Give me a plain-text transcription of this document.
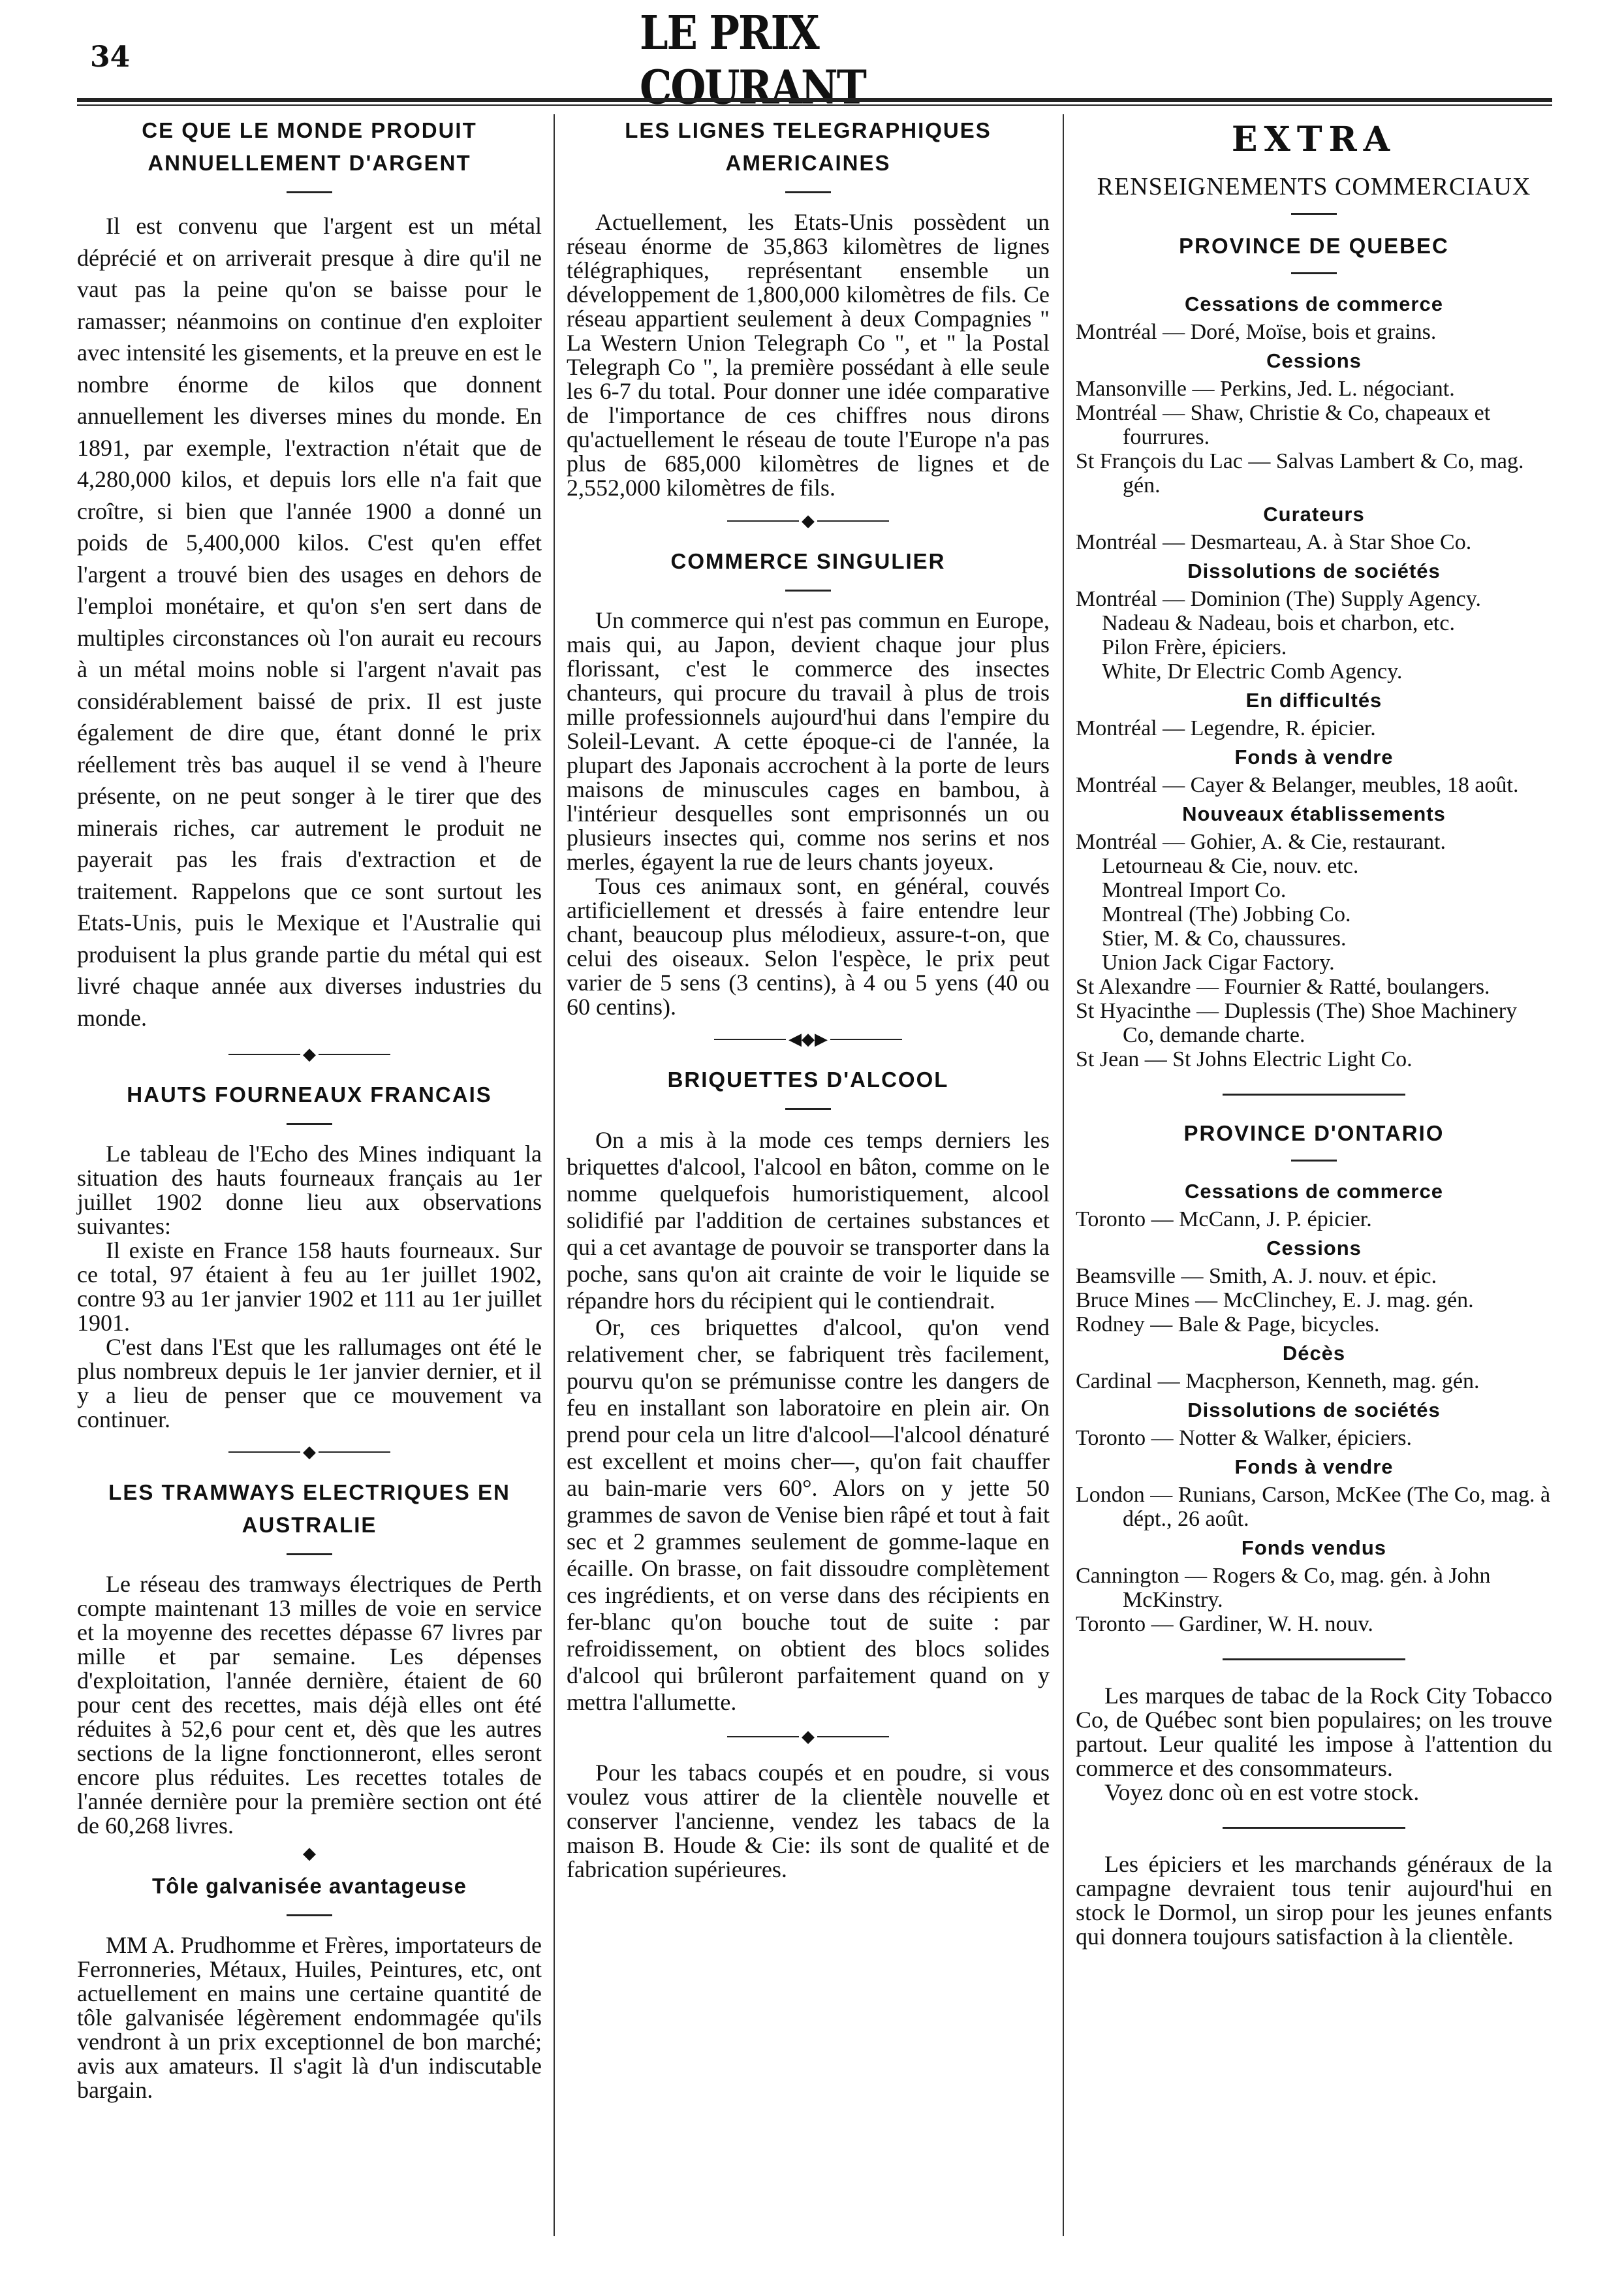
34	LE PRIX COURANT
CE QUE LE MONDE PRODUIT ANNUELLEMENT D'ARGENT

Il est convenu que l'argent est un métal déprécié et on arriverait presque à dire qu'il ne vaut pas la peine qu'on se baisse pour le ramasser; néanmoins on continue d'en exploiter avec intensité les gisements, et la preuve en est le nombre énorme de kilos que donnent annuellement les diverses mines du monde. En 1891, par exemple, l'extraction n'était que de 4,280,000 kilos, et depuis lors elle n'a fait que croître, si bien que l'année 1900 a donné un poids de 5,400,000 kilos. C'est qu'en effet l'argent a trouvé bien des usages en dehors de l'emploi monétaire, et qu'on s'en sert dans de multiples circonstances où l'on aurait eu recours à un métal moins noble si l'argent n'avait pas considérablement baissé de prix. Il est juste également de dire que, étant donné le prix réellement très bas auquel il se vend à l'heure présente, on ne peut songer à le tirer que des minerais riches, car autrement le produit ne payerait pas les frais d'extraction et de traitement. Rappelons que ce sont surtout les Etats-Unis, puis le Mexique et l'Australie qui produisent la plus grande partie du métal qui est livré chaque année aux diverses industries du monde.

◆
HAUTS FOURNEAUX FRANCAIS

Le tableau de l'Echo des Mines indiquant la situation des hauts fourneaux français au 1er juillet 1902 donne lieu aux observations suivantes:

Il existe en France 158 hauts fourneaux. Sur ce total, 97 étaient à feu au 1er juillet 1902, contre 93 au 1er janvier 1902 et 111 au 1er juillet 1901.

C'est dans l'Est que les rallumages ont été le plus nombreux depuis le 1er janvier dernier, et il y a lieu de penser que ce mouvement va continuer.

◆
LES TRAMWAYS ELECTRIQUES EN AUSTRALIE

Le réseau des tramways électriques de Perth compte maintenant 13 milles de voie en service et la moyenne des recettes dépasse 67 livres par mille et par semaine. Les dépenses d'exploitation, l'année dernière, étaient de 60 pour cent des recettes, mais déjà elles ont été réduites à 52,6 pour cent et, dès que les autres sections de la ligne fonctionneront, elles seront encore plus réduites. Les recettes totales de l'année dernière pour la première section ont été de 60,268 livres.

◆
Tôle galvanisée avantageuse

MM A. Prudhomme et Frères, importateurs de Ferronneries, Métaux, Huiles, Peintures, etc, ont actuellement en mains une certaine quantité de tôle galvanisée légèrement endommagée qu'ils vendront à un prix exceptionnel de bon marché; avis aux amateurs. Il s'agit là d'un indiscutable bargain.

LES LIGNES TELEGRAPHIQUES AMERICAINES

Actuellement, les Etats-Unis possèdent un réseau énorme de 35,863 kilomètres de lignes télégraphiques, représentant ensemble un développement de 1,800,000 kilomètres de fils. Ce réseau appartient seulement à deux Compagnies " La Western Union Telegraph Co ", et " la Postal Telegraph Co ", la première possédant à elle seule les 6-7 du total. Pour donner une idée comparative de l'importance de ces chiffres nous dirons qu'actuellement le réseau de toute l'Europe n'a pas plus de 685,000 kilomètres de lignes et de 2,552,000 kilomètres de fils.

◆
COMMERCE SINGULIER

Un commerce qui n'est pas commun en Europe, mais qui, au Japon, devient chaque jour plus florissant, c'est le commerce des insectes chanteurs, qui procure du travail à plus de trois mille professionnels aujourd'hui dans l'empire du Soleil-Levant. A cette époque-ci de l'année, la plupart des Japonais accrochent à la porte de leurs maisons de minuscules cages en bambou, à l'intérieur desquelles sont emprisonnés un ou plusieurs insectes qui, comme nos serins et nos merles, égayent la rue de leurs chants joyeux.

Tous ces animaux sont, en général, couvés artificiellement et dressés à faire entendre leur chant, beaucoup plus mélodieux, assure-t-on, que celui des oiseaux. Selon l'espèce, le prix peut varier de 5 sens (3 centins), à 4 ou 5 yens (40 ou 60 centins).

◀◆▶
BRIQUETTES D'ALCOOL

On a mis à la mode ces temps derniers les briquettes d'alcool, l'alcool en bâton, comme on le nomme quelquefois humoristiquement, alcool solidifié par l'addition de certaines substances et qui a cet avantage de pouvoir se transporter dans la poche, sans qu'on ait crainte de voir le liquide se répandre hors du récipient qui le contiendrait.

Or, ces briquettes d'alcool, qu'on vend relativement cher, se fabriquent très facilement, pourvu qu'on se prémunisse contre les dangers de feu en installant son laboratoire en plein air. On prend pour cela un litre d'alcool—l'alcool dénaturé est excellent et moins cher—, qu'on fait chauffer au bain-marie vers 60°. Alors on y jette 50 grammes de savon de Venise bien râpé et tout à fait sec et 2 grammes seulement de gomme-laque en écaille. On brasse, on fait dissoudre complètement ces ingrédients, et on verse dans des récipients en fer-blanc qu'on bouche tout de suite : par refroidissement, on obtient des blocs solides d'alcool qui brûleront parfaitement quand on y mettra l'allumette.

◆

Pour les tabacs coupés et en poudre, si vous voulez vous attirer de la clientèle nouvelle et conserver l'ancienne, vendez les tabacs de la maison B. Houde & Cie: ils sont de qualité et de fabrication supérieures.

EXTRA
RENSEIGNEMENTS COMMERCIAUX
PROVINCE DE QUEBEC
Cessations de commerce
Montréal — Doré, Moïse, bois et grains.
Cessions
Mansonville — Perkins, Jed. L. négociant.
Montréal — Shaw, Christie & Co, chapeaux et fourrures.
St François du Lac — Salvas Lambert & Co, mag. gén.
Curateurs
Montréal — Desmarteau, A. à Star Shoe Co.
Dissolutions de sociétés
Montréal — Dominion (The) Supply Agency.
Nadeau & Nadeau, bois et charbon, etc.
Pilon Frère, épiciers.
White, Dr Electric Comb Agency.
En difficultés
Montréal — Legendre, R. épicier.
Fonds à vendre
Montréal — Cayer & Belanger, meubles, 18 août.
Nouveaux établissements
Montréal — Gohier, A. & Cie, restaurant.
Letourneau & Cie, nouv. etc.
Montreal Import Co.
Montreal (The) Jobbing Co.
Stier, M. & Co, chaussures.
Union Jack Cigar Factory.
St Alexandre — Fournier & Ratté, boulangers.
St Hyacinthe — Duplessis (The) Shoe Machinery Co, demande charte.
St Jean — St Johns Electric Light Co.
PROVINCE D'ONTARIO
Cessations de commerce
Toronto — McCann, J. P. épicier.
Cessions
Beamsville — Smith, A. J. nouv. et épic.
Bruce Mines — McClinchey, E. J. mag. gén.
Rodney — Bale & Page, bicycles.
Décès
Cardinal — Macpherson, Kenneth, mag. gén.
Dissolutions de sociétés
Toronto — Notter & Walker, épiciers.
Fonds à vendre
London — Runians, Carson, McKee (The Co, mag. à dépt., 26 août.
Fonds vendus
Cannington — Rogers & Co, mag. gén. à John McKinstry.
Toronto — Gardiner, W. H. nouv.

Les marques de tabac de la Rock City Tobacco Co, de Québec sont bien populaires; on les trouve partout. Leur qualité les impose à l'attention du commerce et des consommateurs.

Voyez donc où en est votre stock.

Les épiciers et les marchands généraux de la campagne devraient tous tenir aujourd'hui en stock le Dormol, un sirop pour les jeunes enfants qui donnera toujours satisfaction à la clientèle.
